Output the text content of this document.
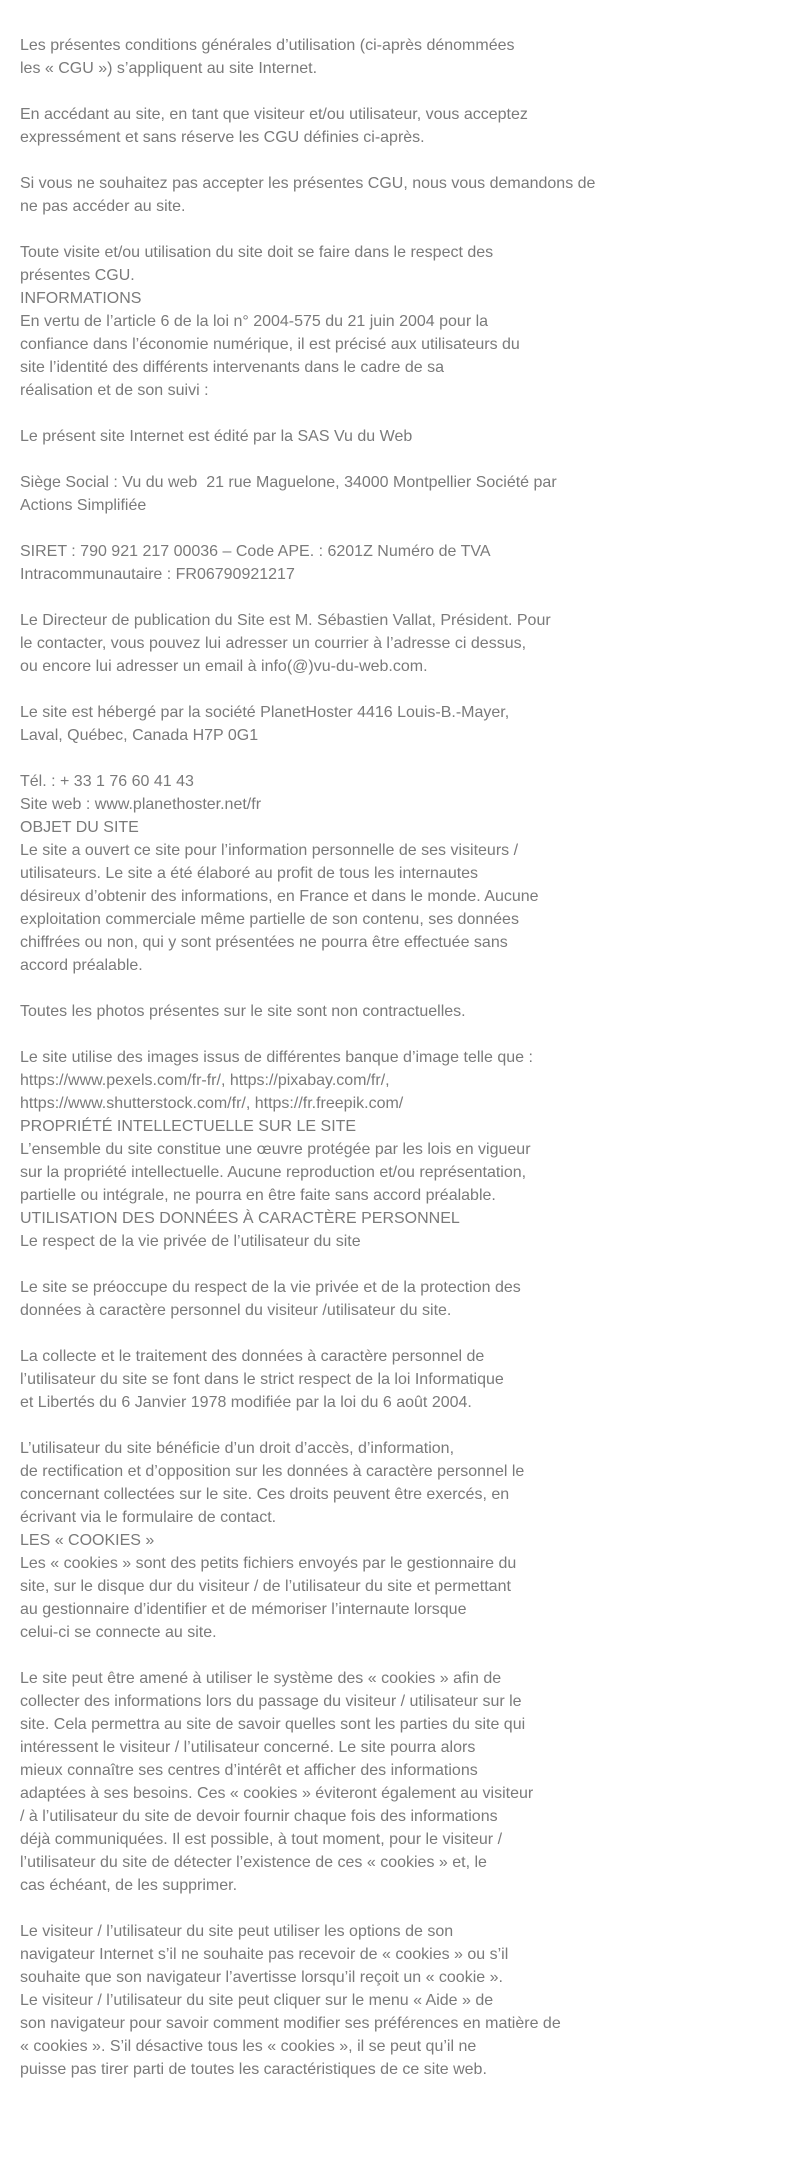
Les présentes conditions générales d’utilisation (ci-après dénommées
les « CGU ») s’appliquent au site Internet.
En accédant au site, en tant que visiteur et/ou utilisateur, vous acceptez
expressément et sans réserve les CGU définies ci-après.
Si vous ne souhaitez pas accepter les présentes CGU, nous vous demandons de
ne pas accéder au site.
Toute visite et/ou utilisation du site doit se faire dans le respect des
présentes CGU.
INFORMATIONS
En vertu de l’article 6 de la loi n° 2004-575 du 21 juin 2004 pour la
confiance dans l’économie numérique, il est précisé aux utilisateurs du
site l’identité des différents intervenants dans le cadre de sa
réalisation et de son suivi :
Le présent site Internet est édité par la SAS Vu du Web
Siège Social : Vu du web  21 rue Maguelone, 34000 Montpellier Société par
Actions Simplifiée
SIRET : 790 921 217 00036 – Code APE. : 6201Z Numéro de TVA
Intracommunautaire : FR06790921217
Le Directeur de publication du Site est M. Sébastien Vallat, Président. Pour
le contacter, vous pouvez lui adresser un courrier à l’adresse ci dessus,
ou encore lui adresser un email à info(@)vu-du-web.com.
Le site est hébergé par la société PlanetHoster 4416 Louis-B.-Mayer,
Laval, Québec, Canada H7P 0G1
Tél. : + 33 1 76 60 41 43
Site web : www.planethoster.net/fr
OBJET DU SITE
Le site a ouvert ce site pour l’information personnelle de ses visiteurs /
utilisateurs. Le site a été élaboré au profit de tous les internautes
désireux d’obtenir des informations, en France et dans le monde. Aucune
exploitation commerciale même partielle de son contenu, ses données
chiffrées ou non, qui y sont présentées ne pourra être effectuée sans
accord préalable.
Toutes les photos présentes sur le site sont non contractuelles.
Le site utilise des images issus de différentes banque d’image telle que :
https://www.pexels.com/fr-fr/, https://pixabay.com/fr/,
https://www.shutterstock.com/fr/, https://fr.freepik.com/
PROPRIÉTÉ INTELLECTUELLE SUR LE SITE
L’ensemble du site constitue une œuvre protégée par les lois en vigueur
sur la propriété intellectuelle. Aucune reproduction et/ou représentation,
partielle ou intégrale, ne pourra en être faite sans accord préalable.
UTILISATION DES DONNÉES À CARACTÈRE PERSONNEL
Le respect de la vie privée de l’utilisateur du site
Le site se préoccupe du respect de la vie privée et de la protection des
données à caractère personnel du visiteur /utilisateur du site.
La collecte et le traitement des données à caractère personnel de
l’utilisateur du site se font dans le strict respect de la loi Informatique
et Libertés du 6 Janvier 1978 modifiée par la loi du 6 août 2004.
L’utilisateur du site bénéficie d’un droit d’accès, d’information,
de rectification et d’opposition sur les données à caractère personnel le
concernant collectées sur le site. Ces droits peuvent être exercés, en
écrivant via le formulaire de contact.
LES « COOKIES »
Les « cookies » sont des petits fichiers envoyés par le gestionnaire du
site, sur le disque dur du visiteur / de l’utilisateur du site et permettant
au gestionnaire d’identifier et de mémoriser l’internaute lorsque
celui-ci se connecte au site.
Le site peut être amené à utiliser le système des « cookies » afin de
collecter des informations lors du passage du visiteur / utilisateur sur le
site. Cela permettra au site de savoir quelles sont les parties du site qui
intéressent le visiteur / l’utilisateur concerné. Le site pourra alors
mieux connaître ses centres d’intérêt et afficher des informations
adaptées à ses besoins. Ces « cookies » éviteront également au visiteur
/ à l’utilisateur du site de devoir fournir chaque fois des informations
déjà communiquées. Il est possible, à tout moment, pour le visiteur /
l’utilisateur du site de détecter l’existence de ces « cookies » et, le
cas échéant, de les supprimer.
Le visiteur / l’utilisateur du site peut utiliser les options de son
navigateur Internet s’il ne souhaite pas recevoir de « cookies » ou s’il
souhaite que son navigateur l’avertisse lorsqu’il reçoit un « cookie ».
Le visiteur / l’utilisateur du site peut cliquer sur le menu « Aide » de
son navigateur pour savoir comment modifier ses préférences en matière de
« cookies ». S’il désactive tous les « cookies », il se peut qu’il ne
puisse pas tirer parti de toutes les caractéristiques de ce site web.
